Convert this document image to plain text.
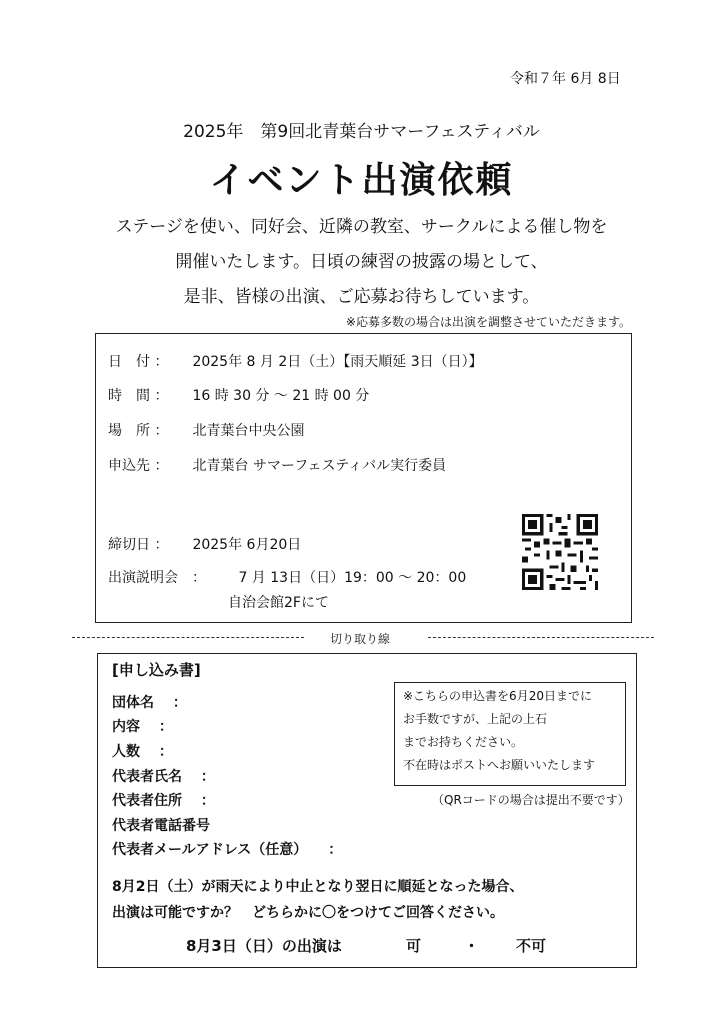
令和７年 6月 8日
2025年　第9回北青葉台サマーフェスティバル
イベント出演依頼
ステージを使い、同好会、近隣の教室、サークルによる催し物を
開催いたします。日頃の練習の披露の場として、
是非、皆様の出演、ご応募お待ちしています。
※応募多数の場合は出演を調整させていただきます。
日　付 ： 2025年 8 月 2日（土）【雨天順延 3日（日）】
時　間 ： 16 時 30 分 ～ 21 時 00 分
場　所 ： 北青葉台中央公園
申込先 ： 北青葉台 サマーフェスティバル実行委員
締切日 ： 2025年 6月20日
出演説明会　： 7 月 13日（日）19：00 ～ 20：00
自治会館2Fにて
切り取り線
[申し込み書]
団体名 　：
内容 　：
人数 　：
代表者氏名 　：
代表者住所 　：
代表者電話番号
代表者メールアドレス（任意）　　：
※こちらの申込書を6月20日までに
お手数ですが、上記の上石
までお持ちください。
不在時はポストへお願いいたします
（QRコードの場合は提出不要です）
8月2日（土）が雨天により中止となり翌日に順延となった場合、
出演は可能ですか？　どちらかに〇をつけてご回答ください。
8月3日（日）の出演は	可	・ 不可
